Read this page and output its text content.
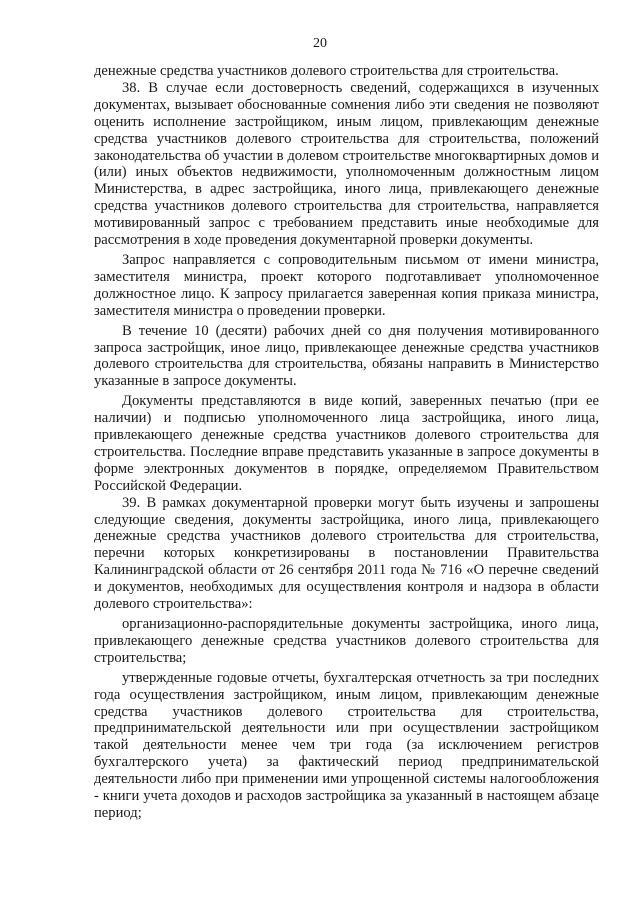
20

денежные средства участников долевого строительства для строительства.

38. В случае если достоверность сведений, содержащихся в изученных документах, вызывает обоснованные сомнения либо эти сведения не позволяют оценить исполнение застройщиком, иным лицом, привлекающим денежные средства участников долевого строительства для строительства, положений законодательства об участии в долевом строительстве многоквартирных домов и (или) иных объектов недвижимости, уполномоченным должностным лицом Министерства, в адрес застройщика, иного лица, привлекающего денежные средства участников долевого строительства для строительства, направляется мотивированный запрос с требованием представить иные необходимые для рассмотрения в ходе проведения документарной проверки документы.

Запрос направляется с сопроводительным письмом от имени министра, заместителя министра, проект которого подготавливает уполномоченное должностное лицо. К запросу прилагается заверенная копия приказа министра, заместителя министра о проведении проверки.

В течение 10 (десяти) рабочих дней со дня получения мотивированного запроса застройщик, иное лицо, привлекающее денежные средства участников долевого строительства для строительства, обязаны направить в Министерство указанные в запросе документы.

Документы представляются в виде копий, заверенных печатью (при ее наличии) и подписью уполномоченного лица застройщика, иного лица, привлекающего денежные средства участников долевого строительства для строительства. Последние вправе представить указанные в запросе документы в форме электронных документов в порядке, определяемом Правительством Российской Федерации.

39. В рамках документарной проверки могут быть изучены и запрошены следующие сведения, документы застройщика, иного лица, привлекающего денежные средства участников долевого строительства для строительства, перечни которых конкретизированы в постановлении Правительства Калининградской области от 26 сентября 2011 года № 716 «О перечне сведений и документов, необходимых для осуществления контроля и надзора в области долевого строительства»:

организационно-распорядительные документы застройщика, иного лица, привлекающего денежные средства участников долевого строительства для строительства;

утвержденные годовые отчеты, бухгалтерская отчетность за три последних года осуществления застройщиком, иным лицом, привлекающим денежные средства участников долевого строительства для строительства, предпринимательской деятельности или при осуществлении застройщиком такой деятельности менее чем три года (за исключением регистров бухгалтерского учета) за фактический период предпринимательской деятельности либо при применении ими упрощенной системы налогообложения - книги учета доходов и расходов застройщика за указанный в настоящем абзаце период;
